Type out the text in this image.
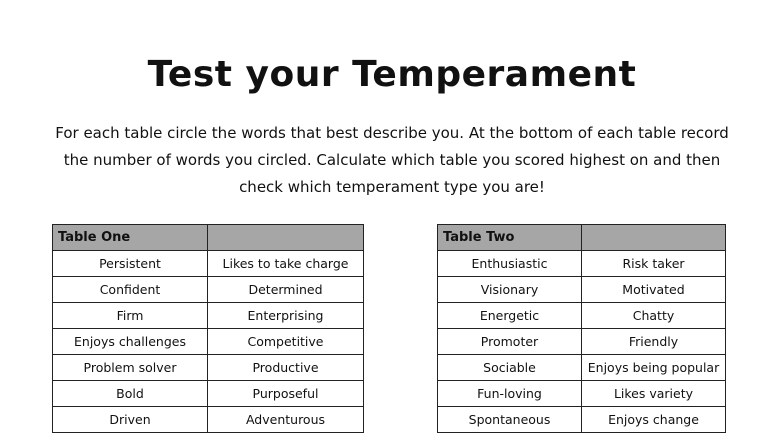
Test your Temperament
For each table circle the words that best describe you. At the bottom of each table record
the number of words you circled. Calculate which table you scored highest on and then
check which temperament type you are!
Table One	
Persistent	Likes to take charge
Confident	Determined
Firm	Enterprising
Enjoys challenges	Competitive
Problem solver	Productive
Bold	Purposeful
Driven	Adventurous
Table Two	
Enthusiastic	Risk taker
Visionary	Motivated
Energetic	Chatty
Promoter	Friendly
Sociable	Enjoys being popular
Fun-loving	Likes variety
Spontaneous	Enjoys change
